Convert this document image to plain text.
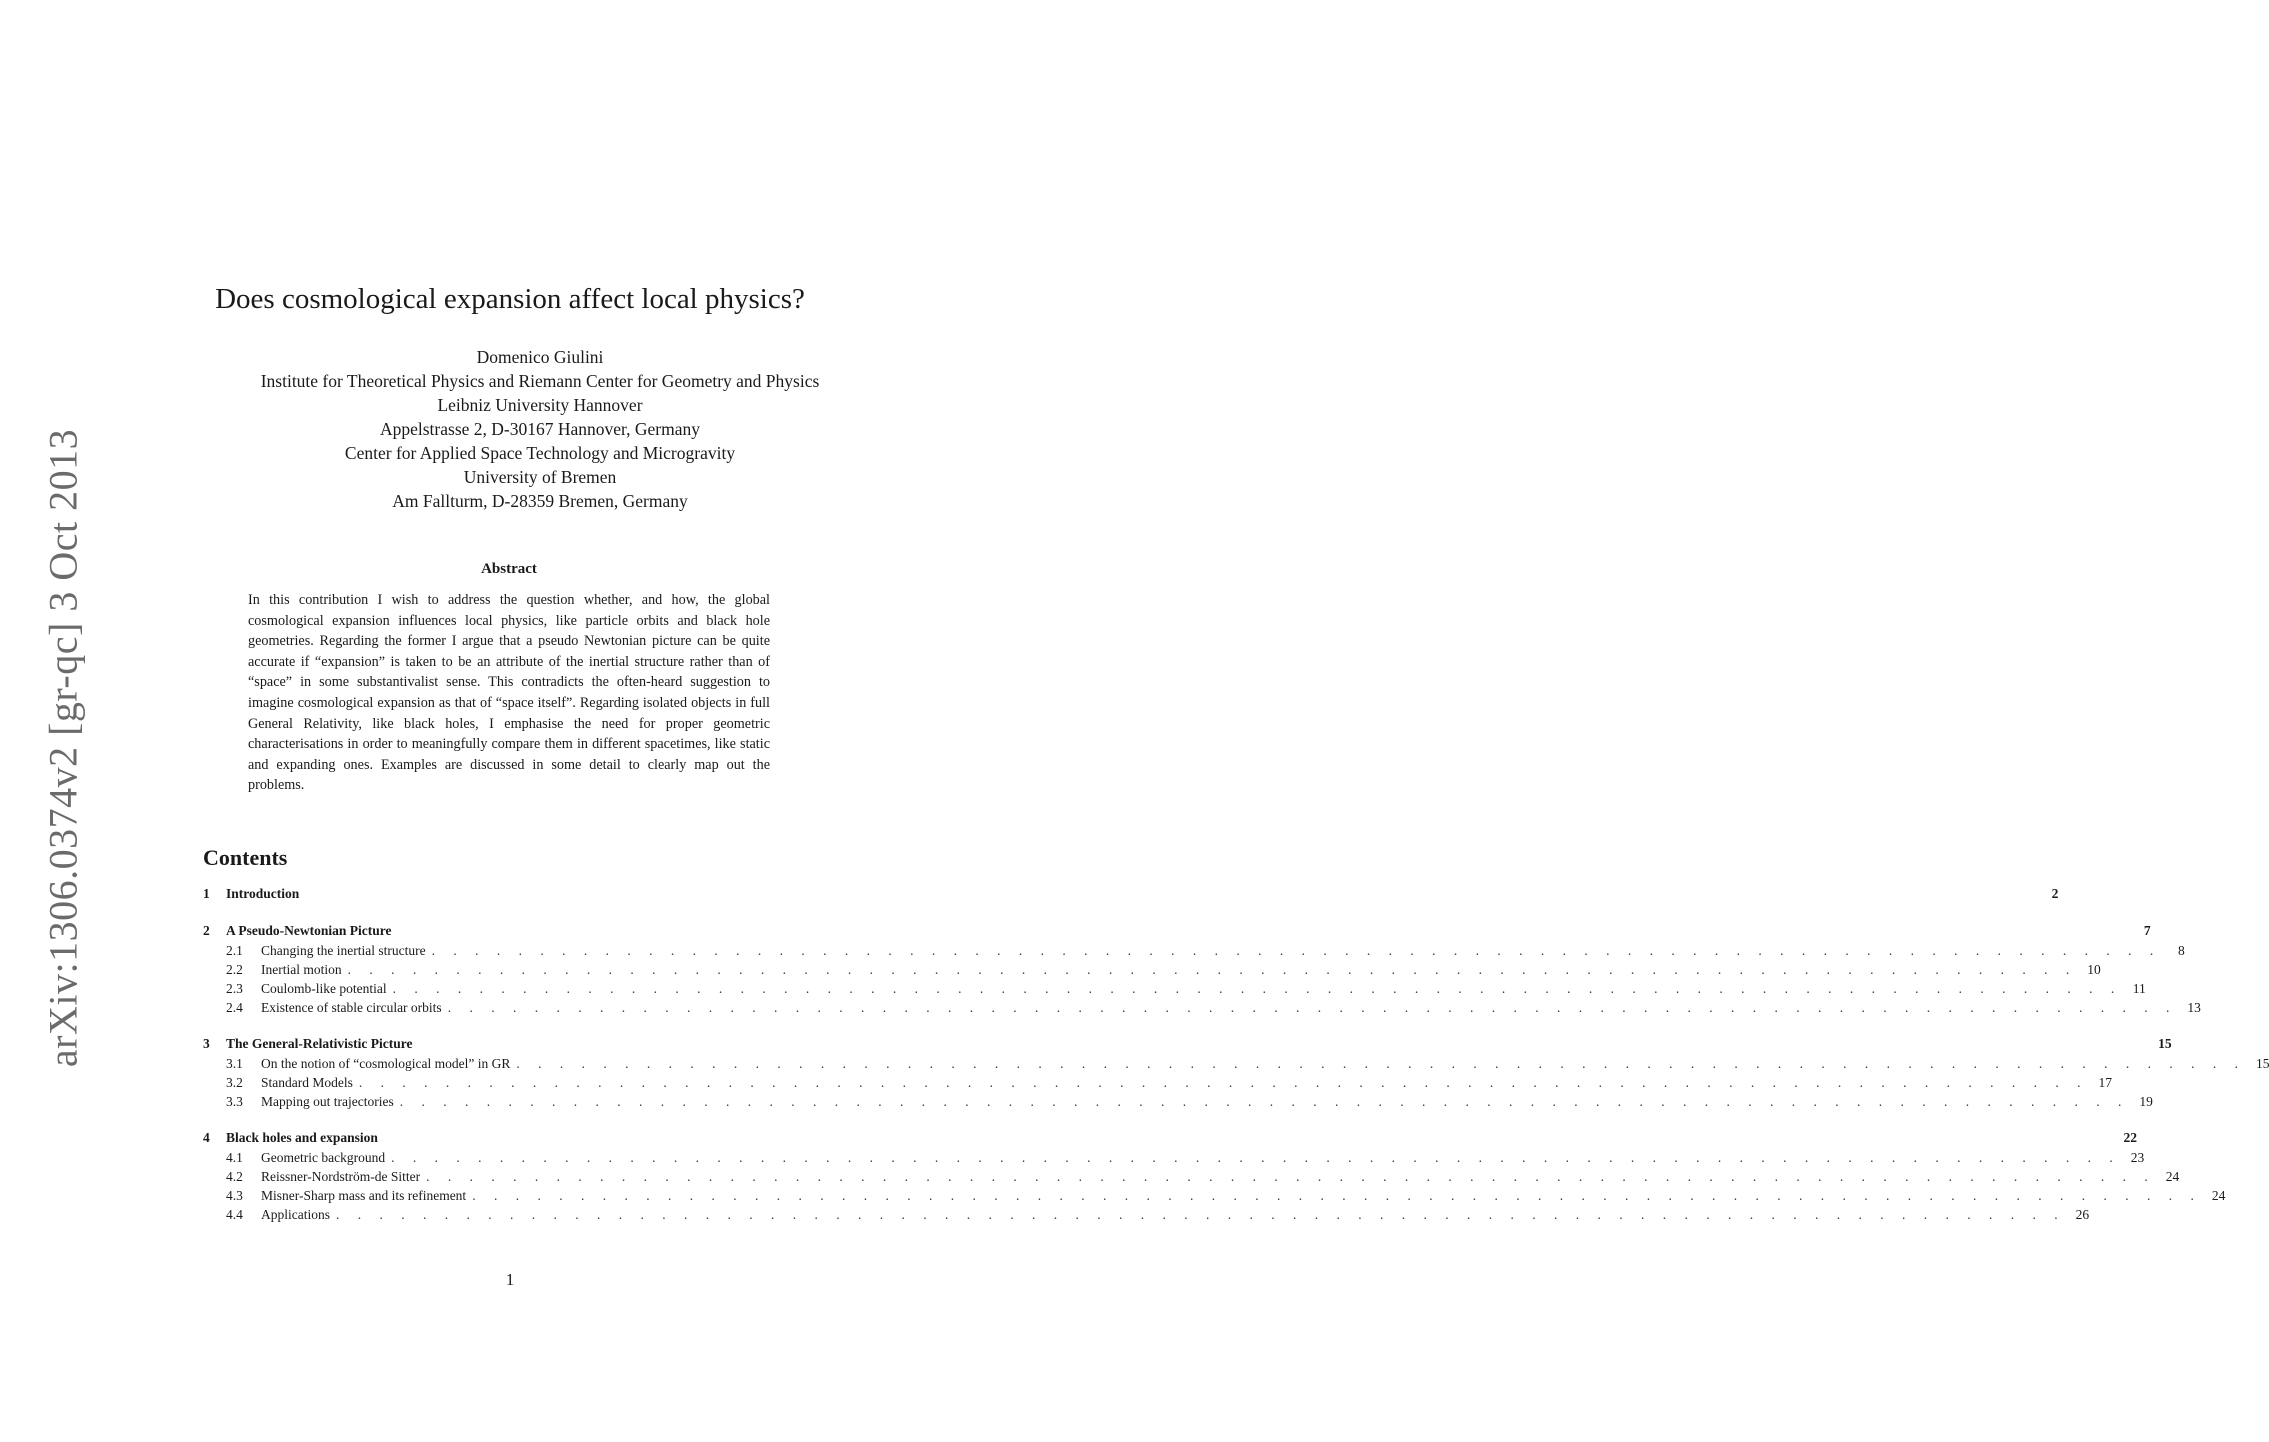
arXiv:1306.0374v2 [gr-qc] 3 Oct 2013
Does cosmological expansion affect local physics?
Domenico Giulini
Institute for Theoretical Physics and Riemann Center for Geometry and Physics
Leibniz University Hannover
Appelstrasse 2, D-30167 Hannover, Germany
Center for Applied Space Technology and Microgravity
University of Bremen
Am Fallturm, D-28359 Bremen, Germany
Abstract

In this contribution I wish to address the question whether, and how, the global cosmological expansion influences local physics, like particle orbits and black hole geometries. Regarding the former I argue that a pseudo Newtonian picture can be quite accurate if “expansion” is taken to be an attribute of the inertial structure rather than of “space” in some substantivalist sense. This contradicts the often-heard suggestion to imagine cosmological expansion as that of “space itself”. Regarding isolated objects in full General Relativity, like black holes, I emphasise the need for proper geometric characterisations in order to meaningfully compare them in different spacetimes, like static and expanding ones. Examples are discussed in some detail to clearly map out the problems.

Contents
1	Introduction	2
2	A Pseudo-Newtonian Picture	7
2.1	Changing the inertial structure . . . . . . . . . . . . . . . . . . . . . . . . . . . . . . . . . . . . . . . . . . . . . . . . . . . . . . . . . . . . . . . . . . . . . . . . . . . . . . . .	8
2.2	Inertial motion . . . . . . . . . . . . . . . . . . . . . . . . . . . . . . . . . . . . . . . . . . . . . . . . . . . . . . . . . . . . . . . . . . . . . . . . . . . . . . . . 10
2.3	Coulomb-like potential . . . . . . . . . . . . . . . . . . . . . . . . . . . . . . . . . . . . . . . . . . . . . . . . . . . . . . . . . . . . . . . . . . . . . . . . . . . . . . . . 11
2.4	Existence of stable circular orbits . . . . . . . . . . . . . . . . . . . . . . . . . . . . . . . . . . . . . . . . . . . . . . . . . . . . . . . . . . . . . . . . . . . . . . . . . . . . . . . . 13
3	The General-Relativistic Picture	15
3.1	On the notion of “cosmological model” in GR . . . . . . . . . . . . . . . . . . . . . . . . . . . . . . . . . . . . . . . . . . . . . . . . . . . . . . . . . . . . . . . . . . . . . . . . . . . . . . . . 15
3.2	Standard Models . . . . . . . . . . . . . . . . . . . . . . . . . . . . . . . . . . . . . . . . . . . . . . . . . . . . . . . . . . . . . . . . . . . . . . . . . . . . . . . . 17
3.3	Mapping out trajectories . . . . . . . . . . . . . . . . . . . . . . . . . . . . . . . . . . . . . . . . . . . . . . . . . . . . . . . . . . . . . . . . . . . . . . . . . . . . . . . . 19
4	Black holes and expansion	22
4.1	Geometric background . . . . . . . . . . . . . . . . . . . . . . . . . . . . . . . . . . . . . . . . . . . . . . . . . . . . . . . . . . . . . . . . . . . . . . . . . . . . . . . . 23
4.2	Reissner-Nordström-de Sitter . . . . . . . . . . . . . . . . . . . . . . . . . . . . . . . . . . . . . . . . . . . . . . . . . . . . . . . . . . . . . . . . . . . . . . . . . . . . . . . . 24
4.3	Misner-Sharp mass and its refinement . . . . . . . . . . . . . . . . . . . . . . . . . . . . . . . . . . . . . . . . . . . . . . . . . . . . . . . . . . . . . . . . . . . . . . . . . . . . . . . . 24
4.4	Applications . . . . . . . . . . . . . . . . . . . . . . . . . . . . . . . . . . . . . . . . . . . . . . . . . . . . . . . . . . . . . . . . . . . . . . . . . . . . . . . . 26
1
